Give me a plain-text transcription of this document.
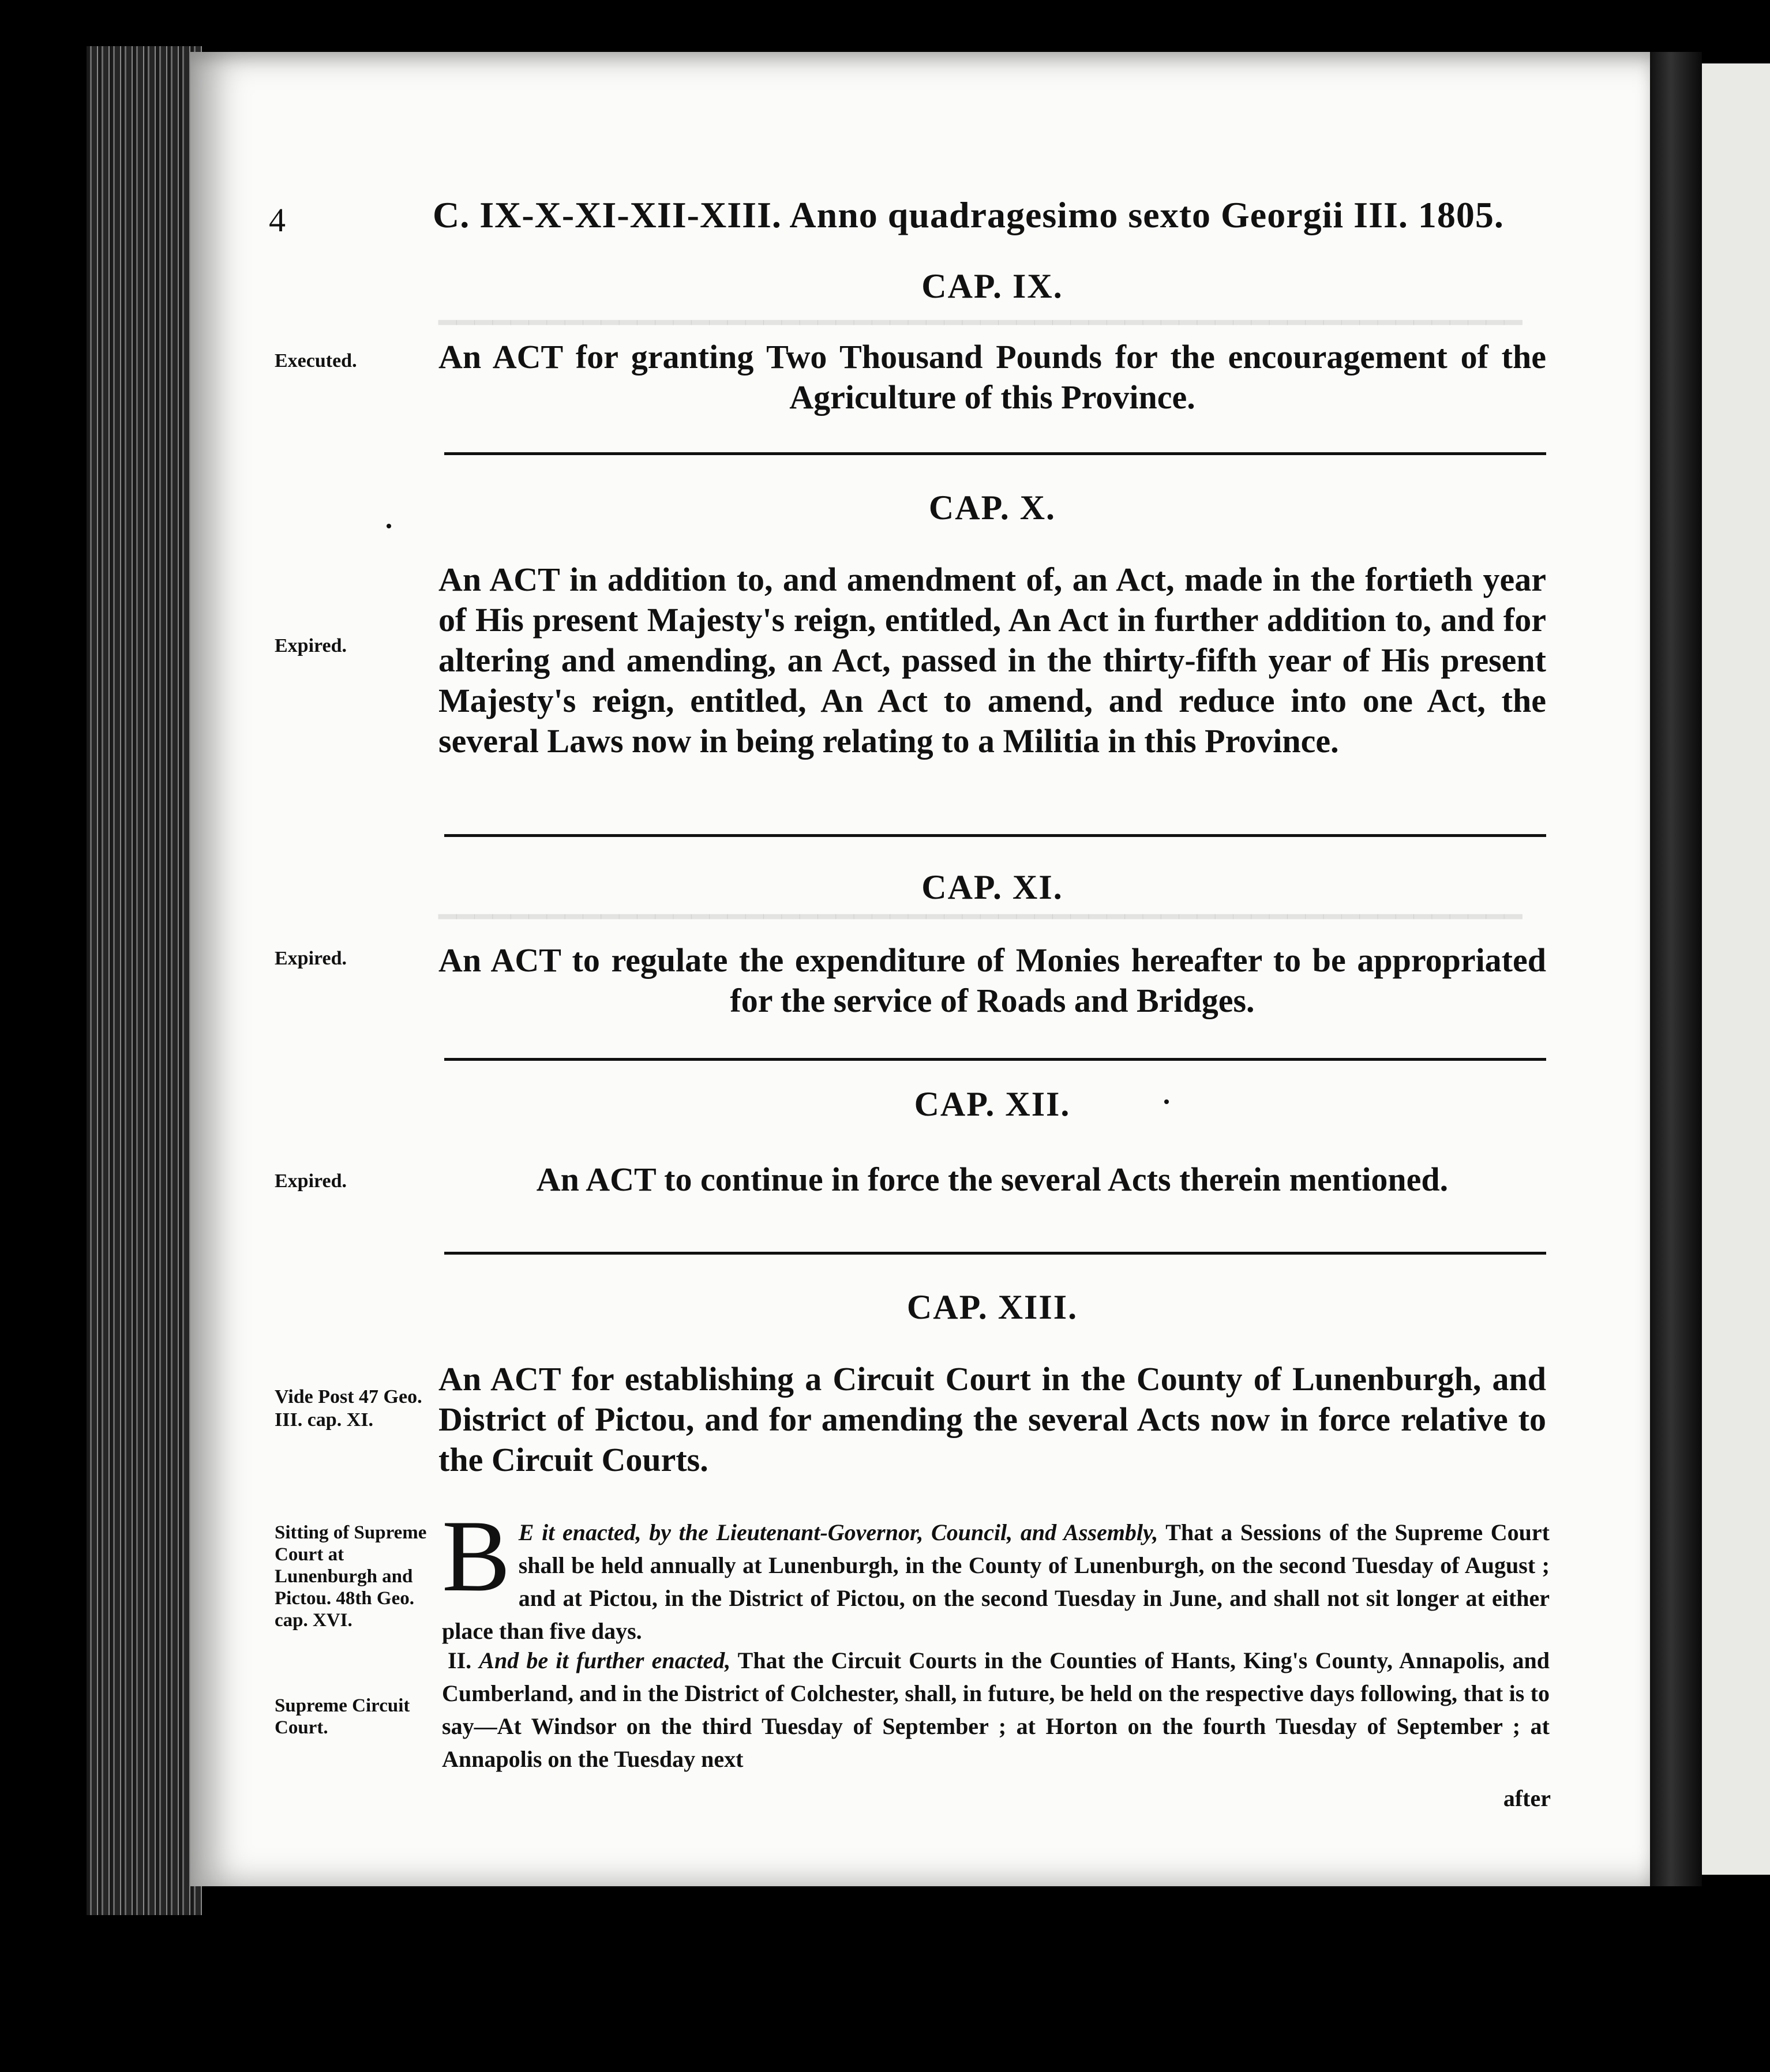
━━━━━━━━━━━━━━━━━━━━━━━━━━━━━━━━━━━━━━━━━━━━━━━━━━━━━━━━━━━━
━━━━━━━━━━━━━━━━━━━━━━━━━━━━━━━━━━━━━━━━━━━━━━━━━━━━━━━━━━━━
4	C. IX-X-XI-XII-XIII. Anno quadragesimo sexto Georgii III. 1805.
CAP. IX.
Executed.	An ACT for granting Two Thousand Pounds for the encouragement of the Agriculture of this Province.
CAP. X.
Expired.
An ACT in addition to, and amendment of, an Act, made in the fortieth year of His present Majesty's reign, entitled, An Act in further addition to, and for altering and amending, an Act, passed in the thirty-fifth year of His present Majesty's reign, entitled, An Act to amend, and reduce into one Act, the several Laws now in being relating to a Militia in this Province.
CAP. XI.
Expired.	An ACT to regulate the expenditure of Monies hereafter to be appropriated for the service of Roads and Bridges.
CAP. XII.
Expired.	An ACT to continue in force the several Acts therein mentioned.
CAP. XIII.
Vide Post 47 Geo. III. cap. XI.
An ACT for establishing a Circuit Court in the County of Lunenburgh, and District of Pictou, and for amending the several Acts now in force relative to the Circuit Courts.
Sitting of Supreme Court at Lunenburgh and Pictou. 48th Geo. cap. XVI.
B E it enacted, by the Lieutenant-Governor, Council, and Assembly, That a Sessions of the Supreme Court shall be held annually at Lunenburgh, in the County of Lunenburgh, on the second Tuesday of August ; and at Pictou, in the District of Pictou, on the second Tuesday in June, and shall not sit longer at either place than five days.
Supreme Circuit Court.
II. And be it further enacted, That the Circuit Courts in the Counties of Hants, King's County, Annapolis, and Cumberland, and in the District of Colchester, shall, in future, be held on the respective days following, that is to say—At Windsor on the third Tuesday of September ; at Horton on the fourth Tuesday of September ; at Annapolis on the Tuesday next
after
